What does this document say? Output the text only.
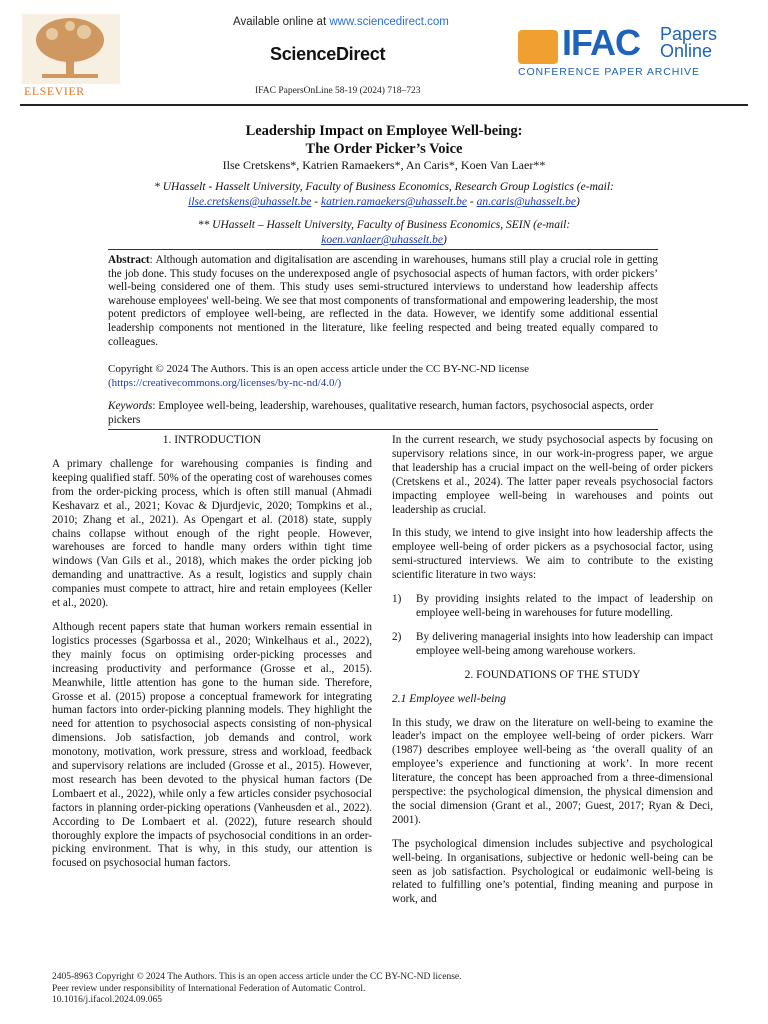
Available online at www.sciencedirect.com
ScienceDirect
IFAC PapersOnLine 58-19 (2024) 718–723
ELSEVIER
IFAC Papers
Online
CONFERENCE PAPER ARCHIVE
Leadership Impact on Employee Well-being:
The Order Picker’s Voice
Ilse Cretskens*, Katrien Ramaekers*, An Caris*, Koen Van Laer**
* UHasselt - Hasselt University, Faculty of Business Economics, Research Group Logistics (e-mail:
ilse.cretskens@uhasselt.be - katrien.ramaekers@uhasselt.be - an.caris@uhasselt.be)
** UHasselt – Hasselt University, Faculty of Business Economics, SEIN (e-mail:
koen.vanlaer@uhasselt.be)
Abstract: Although automation and digitalisation are ascending in warehouses, humans still play a crucial role in getting the job done. This study focuses on the underexposed angle of psychosocial aspects of human factors, with order pickers’ well-being considered one of them. This study uses semi-structured interviews to understand how leadership affects warehouse employees' well-being. We see that most components of transformational and empowering leadership, the most potent predictors of employee well-being, are reflected in the data. However, we identify some additional essential leadership components not mentioned in the literature, like feeling respected and being treated equally compared to colleagues.
Copyright © 2024 The Authors. This is an open access article under the CC BY-NC-ND license
(https://creativecommons.org/licenses/by-nc-nd/4.0/)
Keywords: Employee well-being, leadership, warehouses, qualitative research, human factors, psychosocial aspects, order pickers
1. INTRODUCTION

A primary challenge for warehousing companies is finding and keeping qualified staff. 50% of the operating cost of warehouses comes from the order-picking process, which is often still manual (Ahmadi Keshavarz et al., 2021; Kovac & Djurdjevic, 2020; Tompkins et al., 2010; Zhang et al., 2021). As Opengart et al. (2018) state, supply chains collapse without enough of the right people. However, warehouses are forced to handle many orders within tight time windows (Van Gils et al., 2018), which makes the order picking job demanding and unattractive. As a result, logistics and supply chain companies must compete to attract, hire and retain employees (Keller et al., 2020).

Although recent papers state that human workers remain essential in logistics processes (Sgarbossa et al., 2020; Winkelhaus et al., 2022), they mainly focus on optimising order-picking processes and increasing productivity and performance (Grosse et al., 2015). Meanwhile, little attention has gone to the human side. Therefore, Grosse et al. (2015) propose a conceptual framework for integrating human factors into order-picking planning models. They highlight the need for attention to psychosocial aspects consisting of non-physical dimensions. Job satisfaction, job demands and control, work monotony, motivation, work pressure, stress and workload, feedback and supervisory relations are included (Grosse et al., 2015). However, most research has been devoted to the physical human factors (De Lombaert et al., 2022), while only a few articles consider psychosocial factors in planning order-picking operations (Vanheusden et al., 2022). According to De Lombaert et al. (2022), future research should thoroughly explore the impacts of psychosocial conditions in an order-picking environment. That is why, in this study, our attention is focused on psychosocial human factors.

In the current research, we study psychosocial aspects by focusing on supervisory relations since, in our work-in-progress paper, we argue that leadership has a crucial impact on the well-being of order pickers (Cretskens et al., 2024). The latter paper reveals psychosocial factors impacting employee well-being in warehouses and points out leadership as crucial.

In this study, we intend to give insight into how leadership affects the employee well-being of order pickers as a psychosocial factor, using semi-structured interviews. We aim to contribute to the existing scientific literature in two ways:

1)	By providing insights related to the impact of leadership on employee well-being in warehouses for future modelling.
2)	By delivering managerial insights into how leadership can impact employee well-being among warehouse workers.

2. FOUNDATIONS OF THE STUDY

2.1 Employee well-being

In this study, we draw on the literature on well-being to examine the leader's impact on the employee well-being of order pickers. Warr (1987) describes employee well-being as ‘the overall quality of an employee’s experience and functioning at work’. In more recent literature, the concept has been approached from a three-dimensional perspective: the psychological dimension, the physical dimension and the social dimension (Grant et al., 2007; Guest, 2017; Ryan & Deci, 2001).

The psychological dimension includes subjective and psychological well-being. In organisations, subjective or hedonic well-being can be seen as job satisfaction. Psychological or eudaimonic well-being is related to fulfilling one’s potential, finding meaning and purpose in work, and

2405-8963 Copyright © 2024 The Authors. This is an open access article under the CC BY-NC-ND license.
Peer review under responsibility of International Federation of Automatic Control.
10.1016/j.ifacol.2024.09.065
